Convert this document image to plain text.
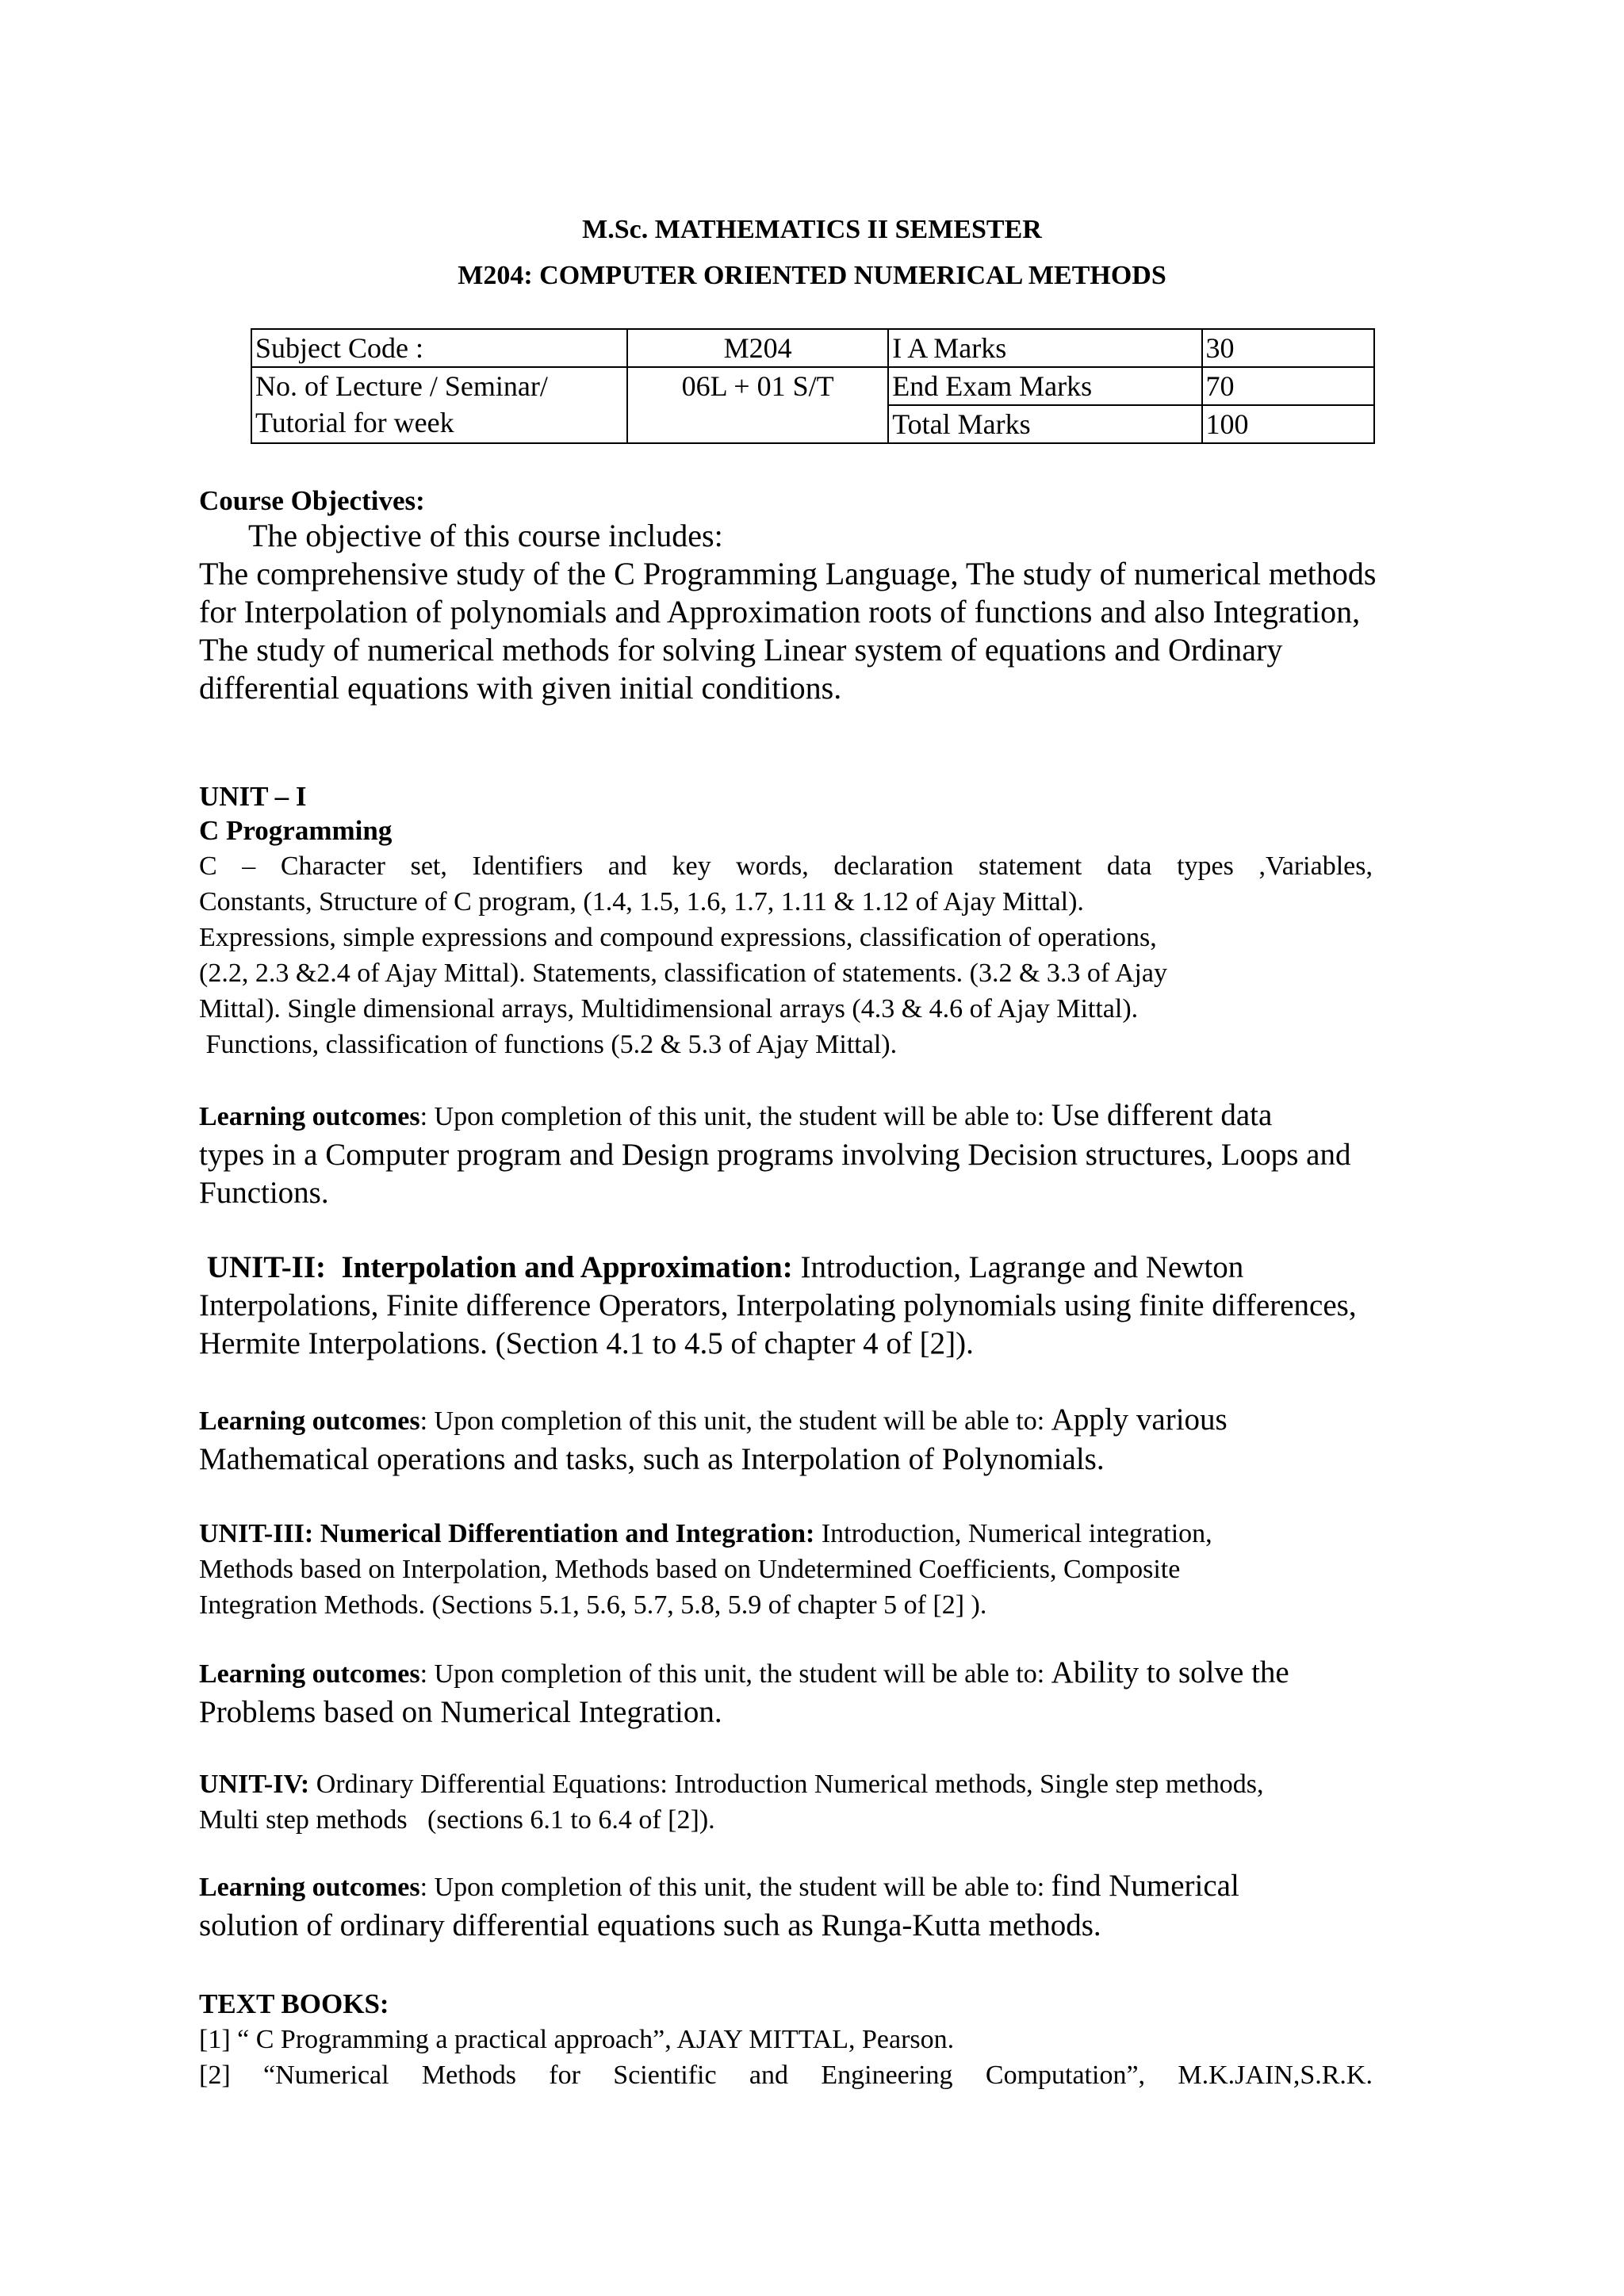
M.Sc. MATHEMATICS II SEMESTER
M204: COMPUTER ORIENTED NUMERICAL METHODS
Subject Code :	M204	I A Marks	30

No. of Lecture / Seminar/
Tutorial for week	06L + 01 S/T	End Exam Marks	70
		Total Marks	100
Course Objectives:
The objective of this course includes:
The comprehensive study of the C Programming Language, The study of numerical methods
for Interpolation of polynomials and Approximation roots of functions and also Integration,
The study of numerical methods for solving Linear system of equations and Ordinary
differential equations with given initial conditions.
UNIT – I
C Programming
C – Character set, Identifiers and key words, declaration statement data types ,Variables,
Constants, Structure of C program, (1.4, 1.5, 1.6, 1.7, 1.11 & 1.12 of Ajay Mittal).
Expressions, simple expressions and compound expressions, classification of operations,
(2.2, 2.3 &2.4 of Ajay Mittal). Statements, classification of statements. (3.2 & 3.3 of Ajay
Mittal). Single dimensional arrays, Multidimensional arrays (4.3 & 4.6 of Ajay Mittal).
Functions, classification of functions (5.2 & 5.3 of Ajay Mittal).
Learning outcomes: Upon completion of this unit, the student will be able to: Use different data
types in a Computer program and Design programs involving Decision structures, Loops and
Functions.
UNIT-II:  Interpolation and Approximation: Introduction, Lagrange and Newton
Interpolations, Finite difference Operators, Interpolating polynomials using finite differences,
Hermite Interpolations. (Section 4.1 to 4.5 of chapter 4 of [2]).
Learning outcomes: Upon completion of this unit, the student will be able to: Apply various
Mathematical operations and tasks, such as Interpolation of Polynomials.
UNIT-III: Numerical Differentiation and Integration: Introduction, Numerical integration,
Methods based on Interpolation, Methods based on Undetermined Coefficients, Composite
Integration Methods. (Sections 5.1, 5.6, 5.7, 5.8, 5.9 of chapter 5 of [2] ).
Learning outcomes: Upon completion of this unit, the student will be able to: Ability to solve the
Problems based on Numerical Integration.
UNIT-IV: Ordinary Differential Equations: Introduction Numerical methods, Single step methods,
Multi step methods   (sections 6.1 to 6.4 of [2]).
Learning outcomes: Upon completion of this unit, the student will be able to: find Numerical
solution of ordinary differential equations such as Runga-Kutta methods.
TEXT BOOKS:
[1] “ C Programming a practical approach”, AJAY MITTAL, Pearson.
[2] “Numerical Methods for Scientific and Engineering Computation”, M.K.JAIN,S.R.K.
